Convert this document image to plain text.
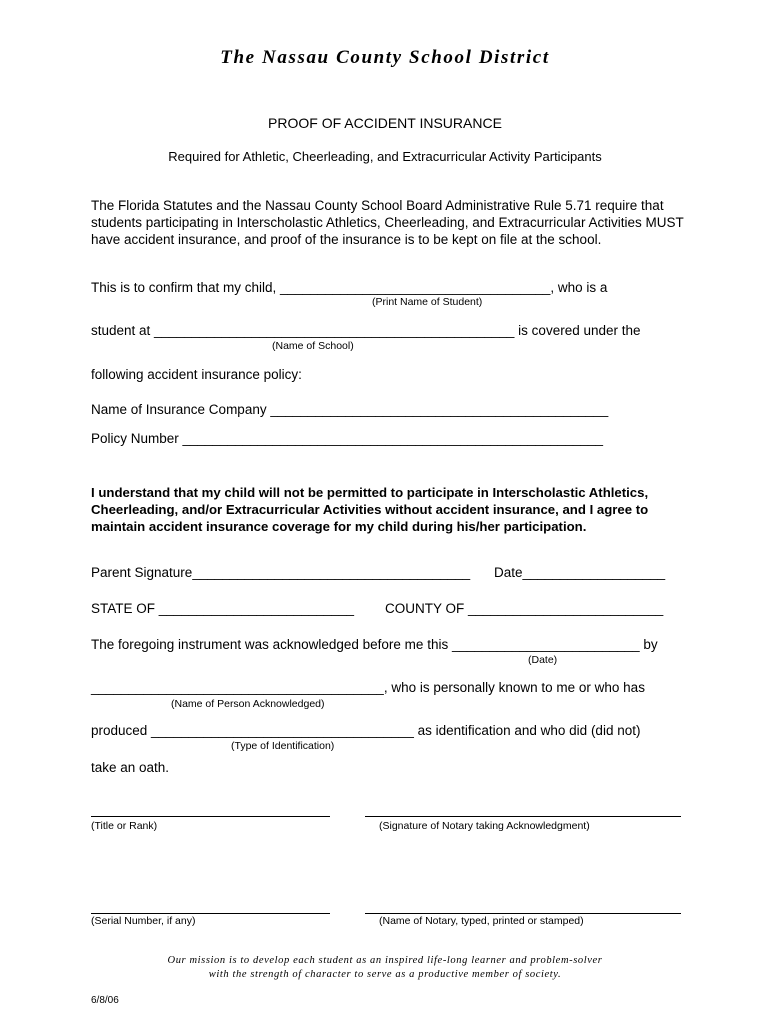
The Nassau County School District
PROOF OF ACCIDENT INSURANCE
Required for Athletic, Cheerleading, and Extracurricular Activity Participants
The Florida Statutes and the Nassau County School Board Administrative Rule 5.71 require that students participating in Interscholastic Athletics, Cheerleading, and Extracurricular Activities MUST have accident insurance, and proof of the insurance is to be kept on file at the school.
This is to confirm that my child, ____________________________________, who is a
(Print Name of Student)
student at ________________________________________________ is covered under the
(Name of School)
following accident insurance policy:
Name of Insurance Company _____________________________________________
Policy Number ________________________________________________________
I understand that my child will not be permitted to participate in Interscholastic Athletics, Cheerleading, and/or Extracurricular Activities without accident insurance, and I agree to maintain accident insurance coverage for my child during his/her participation.
Parent Signature_____________________________________ Date___________________
STATE OF __________________________ COUNTY OF __________________________
The foregoing instrument was acknowledged before me this _________________________ by
(Date)
_______________________________________, who is personally known to me or who has
(Name of Person Acknowledged)
produced ___________________________________ as identification and who did (did not)
(Type of Identification)
take an oath.
(Title or Rank)	(Signature of Notary taking Acknowledgment)
(Serial Number, if any)	(Name of Notary, typed, printed or stamped)
Our mission is to develop each student as an inspired life-long learner and problem-solver
with the strength of character to serve as a productive member of society.
6/8/06
